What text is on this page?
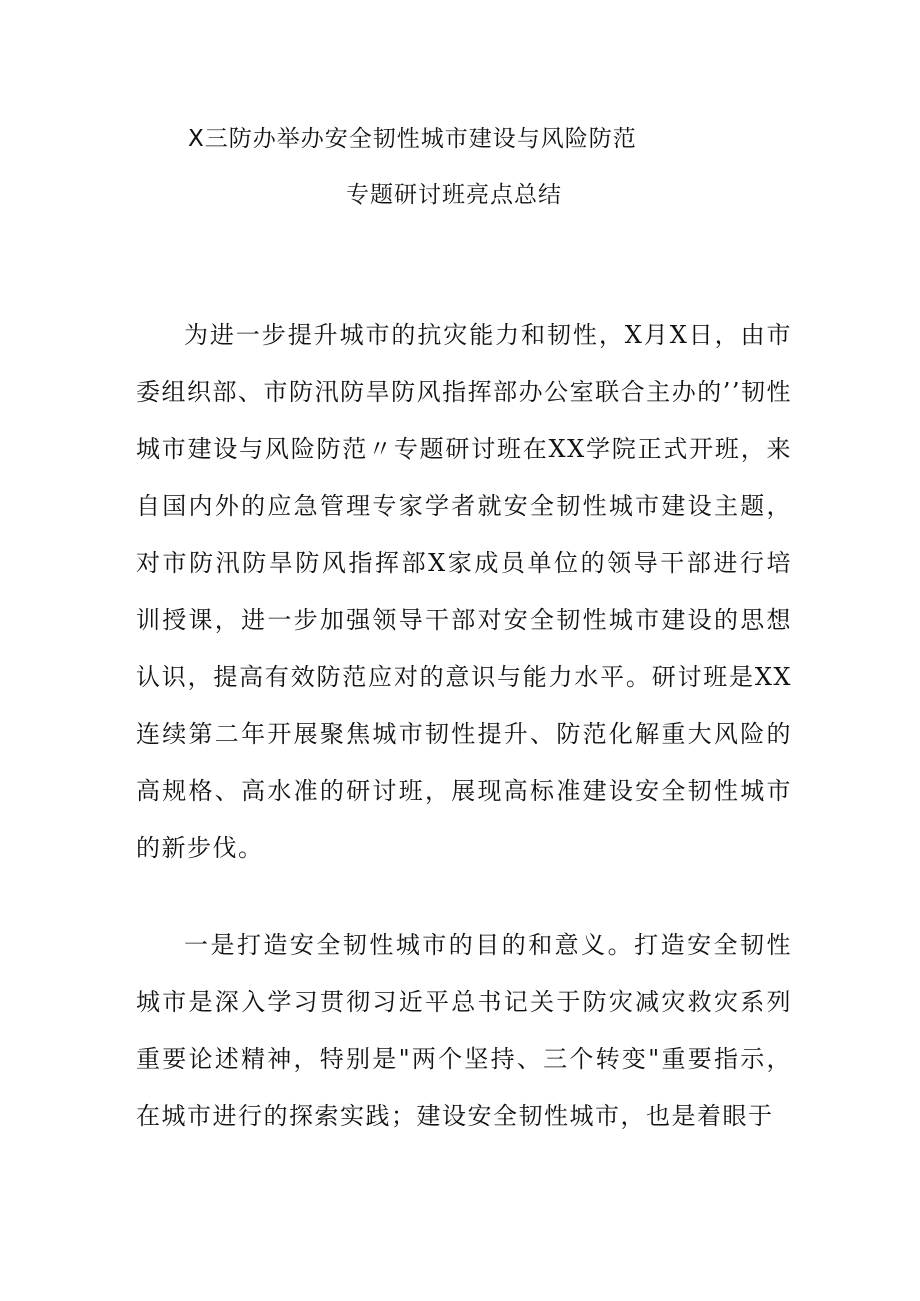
X三防办举办安全韧性城市建设与风险防范
专题研讨班亮点总结

为进一步提升城市的抗灾能力和韧性，X月X日，由市委组织部、市防汛防旱防风指挥部办公室联合主办的’’韧性城市建设与风险防范〃专题研讨班在XX学院正式开班，来自国内外的应急管理专家学者就安全韧性城市建设主题，对市防汛防旱防风指挥部X家成员单位的领导干部进行培训授课，进一步加强领导干部对安全韧性城市建设的思想认识，提高有效防范应对的意识与能力水平。研讨班是XX连续第二年开展聚焦城市韧性提升、防范化解重大风险的高规格、高水准的研讨班，展现高标准建设安全韧性城市的新步伐。

一是打造安全韧性城市的目的和意义。打造安全韧性城市是深入学习贯彻习近平总书记关于防灾减灾救灾系列重要论述精神，特别是"两个坚持、三个转变"重要指示，在城市进行的探索实践；建设安全韧性城市，也是着眼于
